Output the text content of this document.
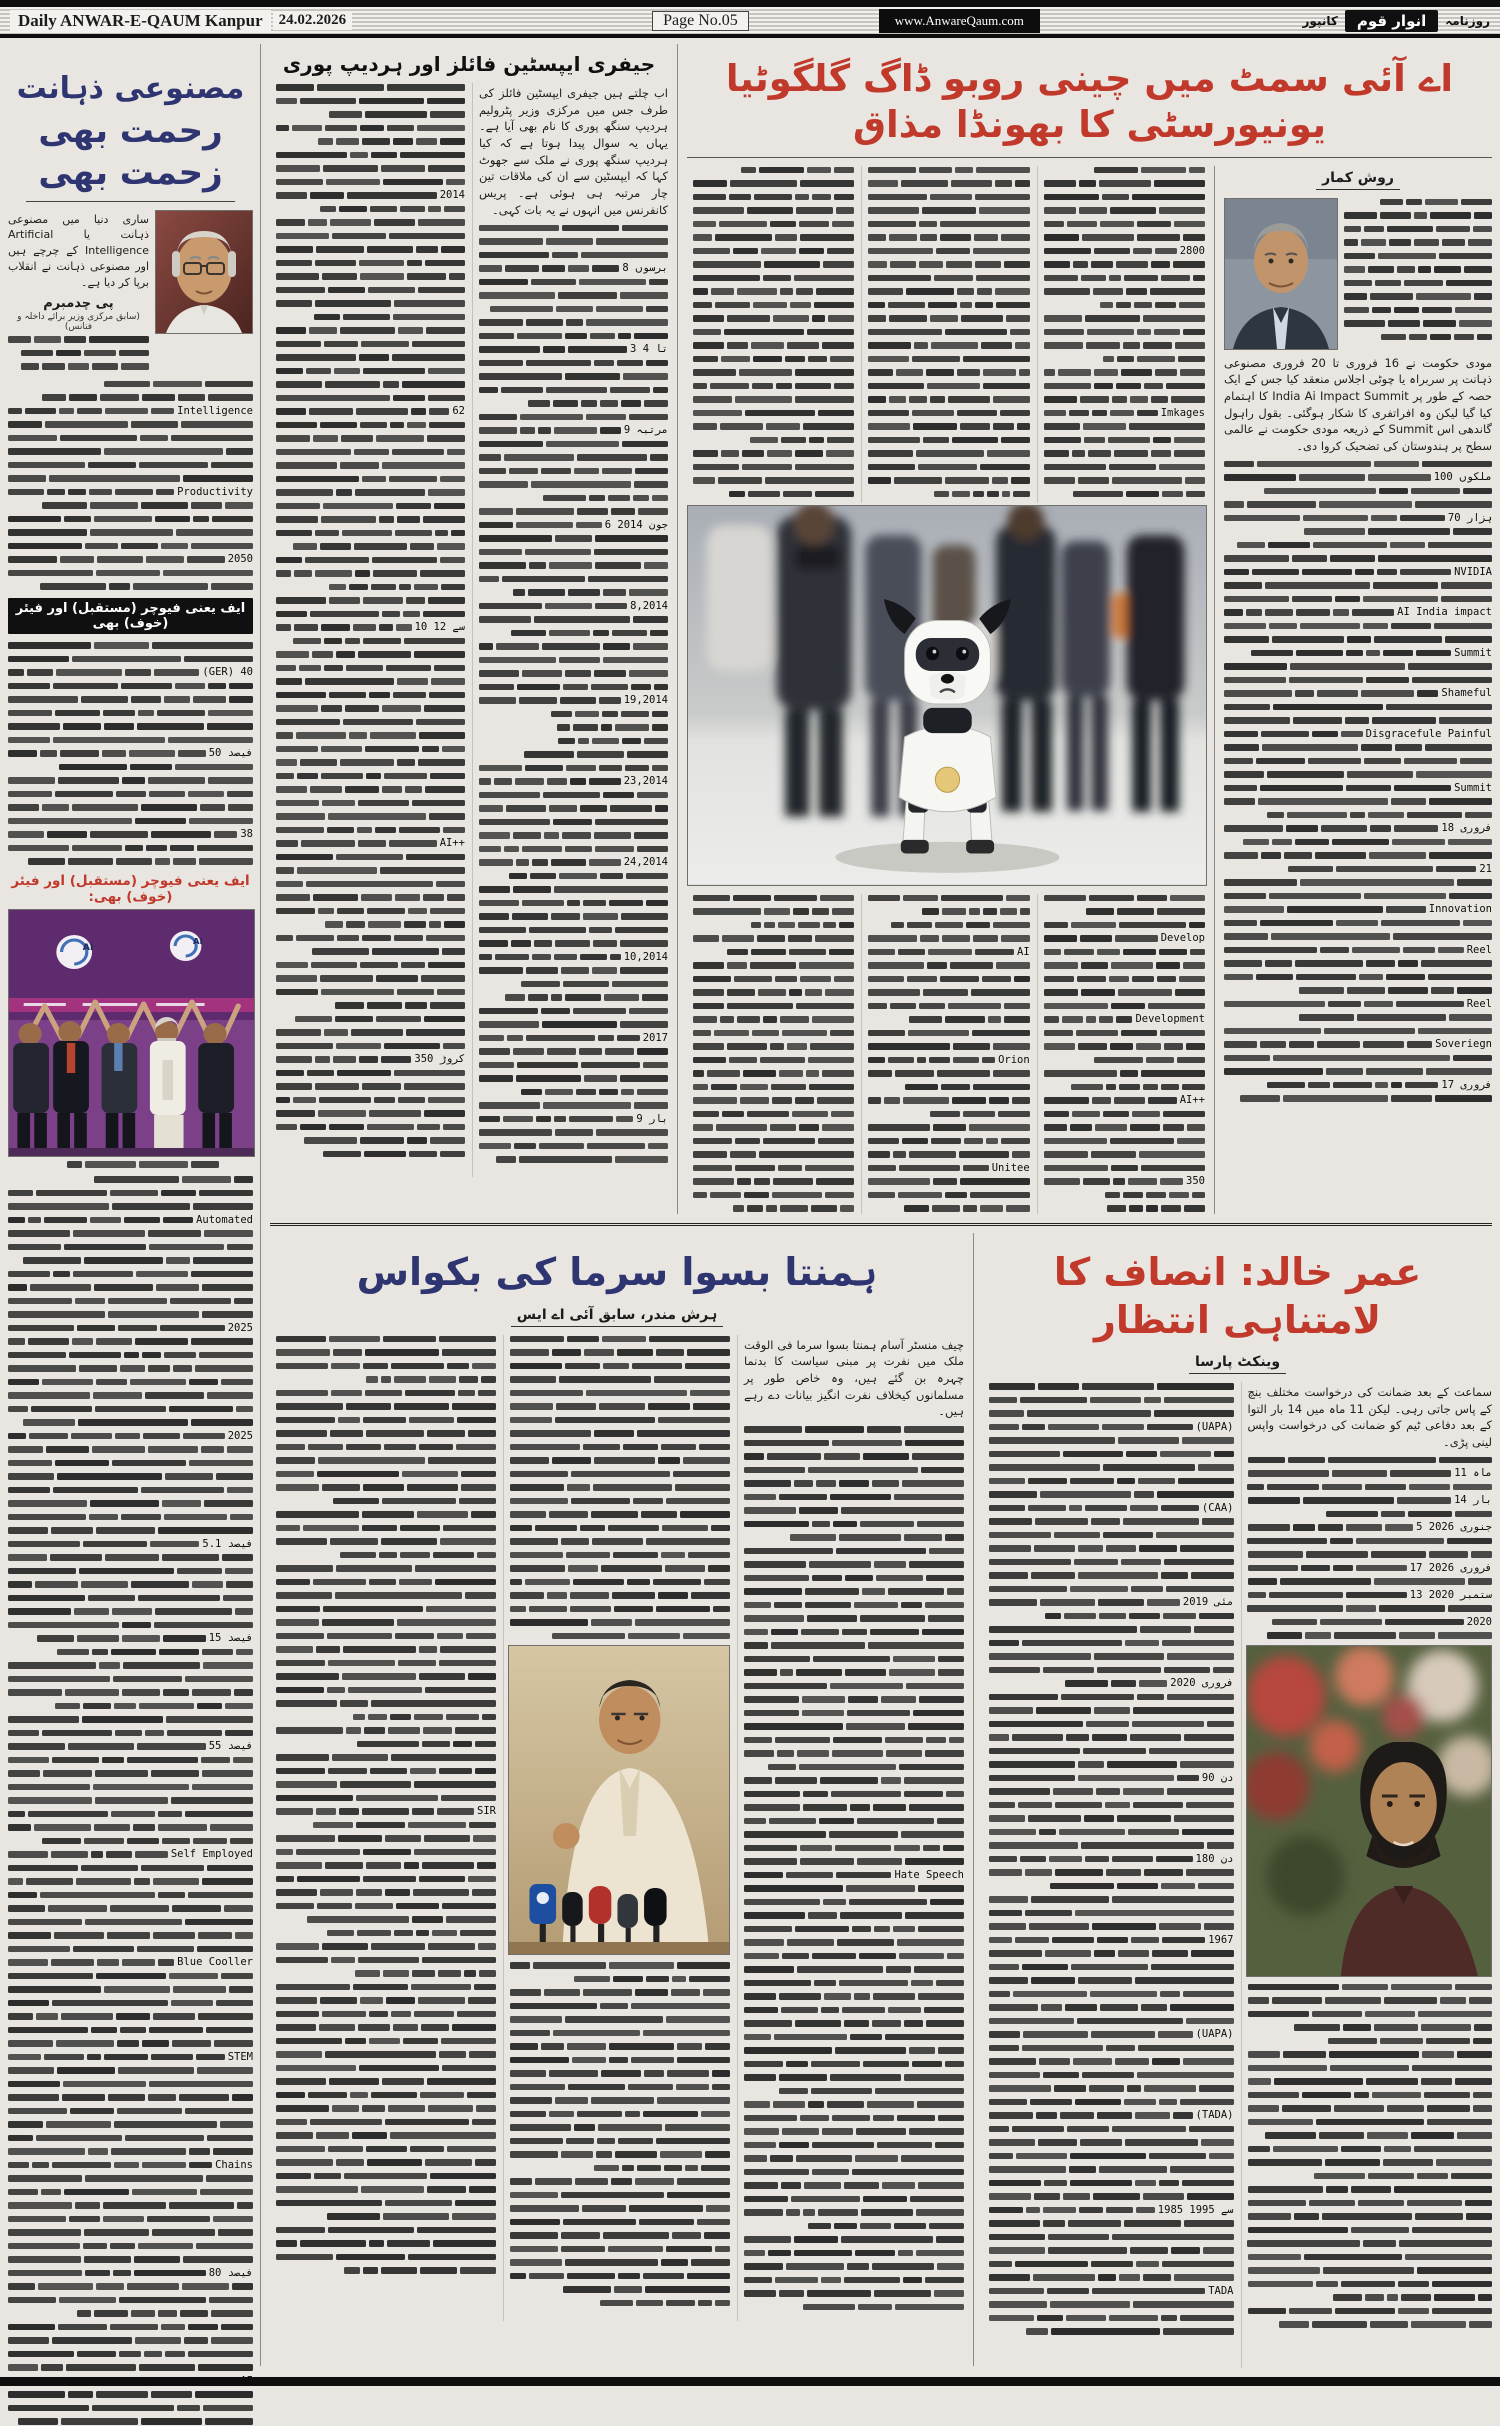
Daily ANWAR-E-QAUM Kanpur	24.02.2026	Page No.05	www.AnwareQaum.com	روزنامہ
انوار قوم
کانپور
مصنوعی ذہانت
رحمت بھی زحمت بھی
ساری دنیا میں مصنوعی ذہانت یا Artificial Intelligence کے چرچے ہیں اور مصنوعی ذہانت نے انقلاب برپا کر دیا ہے۔
پی چدمبرم
(سابق مرکزی وزیر برائے داخلہ و فنانس)
Intelligence
Productivity
2050
ایف یعنی فیوچر (مستقبل) اور فیئر (خوف) بھی
(GER) 40
50 فیصد
38
ایف یعنی فیوچر (مستقبل) اور فیئر (خوف) بھی:
AI
AI
Automated
2025
2025
5.1 فیصد
15 فیصد
55 فیصد
Self Employed
Blue Cooller
STEM
Chains
80 فیصد
جیفری ایپسٹین فائلز اور ہردیپ پوری
اب چلتے ہیں جیفری ایپسٹین فائلز کی طرف جس میں مرکزی وزیر پٹرولیم ہردیپ سنگھ پوری کا نام بھی آیا ہے۔ یہاں یہ سوال پیدا ہوتا ہے کہ کیا ہردیپ سنگھ پوری نے ملک سے جھوٹ کہا کہ ایپسٹین سے ان کی ملاقات تین چار مرتبہ ہی ہوئی ہے۔ پریس کانفرنس میں انہوں نے یہ بات کہی۔
8 برسوں
3 تا 4
9 مرتبہ
6 جون 2014
8,2014
19,2014
23,2014
24,2014
10,2014
2017
9 بار
2014
62
10 سے 12
AI++
350 کروڑ
اے آئی سمٹ میں چینی روبو ڈاگ گلگوٹیا یونیورسٹی کا بھونڈا مذاق
2800
Imkages
Develop
Development
AI++
350
AI
Orion
Unitee
روش کمار
مودی حکومت نے 16 فروری تا 20 فروری مصنوعی ذہانت پر سربراہ یا چوٹی اجلاس منعقد کیا جس کے ایک حصہ کے طور پر India Ai Impact Summit کا اہتمام کیا گیا لیکن وہ افراتفری کا شکار ہوگئی۔ بقول راہول گاندھی اس Summit کے ذریعہ مودی حکومت نے عالمی سطح پر ہندوستان کی تضحیک کروا دی۔
100 ملکوں
70 ہزار
NVIDIA
AI India impact
Summit
Shameful
Disgracefule Painful
Summit
18 فروری
21
Innovation
Reel
Reel
Soveriegn
17 فروری
ہمنتا بسوا سرما کی بکواس
ہرش مندر، سابق آئی اے ایس
چیف منسٹر آسام ہمنتا بسوا سرما فی الوقت ملک میں نفرت پر مبنی سیاست کا بدنما چہرہ بن گئے ہیں، وہ خاص طور پر مسلمانوں کیخلاف نفرت انگیز بیانات دے رہے ہیں۔
Hate Speech
SIR
عمر خالد: انصاف کا لامتناہی انتظار
وینکٹ پارسا
سماعت کے بعد ضمانت کی درخواست مختلف بنچ کے پاس جاتی رہی۔ لیکن 11 ماہ میں 14 بار التوا کے بعد دفاعی ٹیم کو ضمانت کی درخواست واپس لینی پڑی۔
11 ماہ
14 بار
5 جنوری 2026
17 فروری 2026
13 ستمبر 2020
2020
(UAPA)
(CAA)
مئی 2019
فروری 2020
90 دن
180 دن
1967
(UAPA)
(TADA)
1985 سے 1995
TADA
